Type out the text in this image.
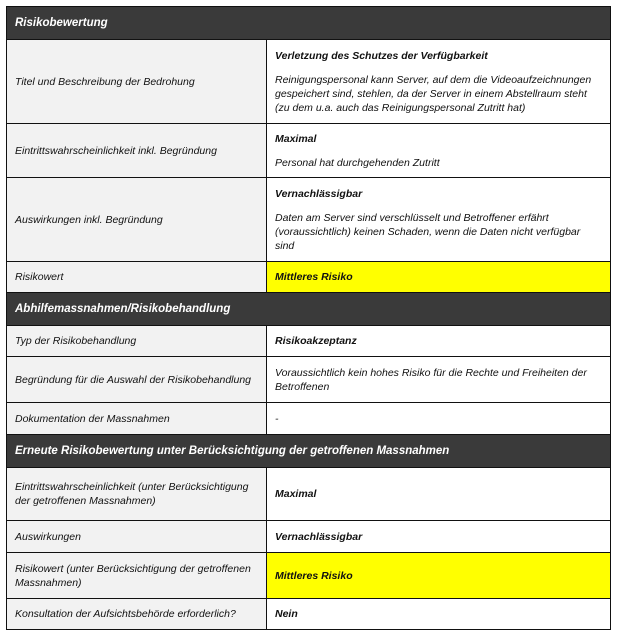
Risikobewertung	
Titel und Beschreibung der Bedrohung	Verletzung des Schutzes der Verfügbarkeit
Reinigungspersonal kann Server, auf dem die Videoaufzeichnungen gespeichert sind, stehlen, da der Server in einem Abstellraum steht (zu dem u.a. auch das Reinigungspersonal Zutritt hat)

Eintrittswahrscheinlichkeit inkl. Begründung	Maximal
Personal hat durchgehenden Zutritt

Auswirkungen inkl. Begründung	Vernachlässigbar
Daten am Server sind verschlüsselt und Betroffener erfährt (voraussichtlich) keinen Schaden, wenn die Daten nicht verfügbar sind

Risikowert	Mittleres Risiko

Abhilfemassnahmen/Risikobehandlung	
Typ der Risikobehandlung	Risikoakzeptanz

Begründung für die Auswahl der Risikobehandlung	Voraussichtlich kein hohes Risiko für die Rechte und Freiheiten der Betroffenen
Dokumentation der Massnahmen	-
Erneute Risikobewertung unter Berücksichtigung der getroffenen Massnahmen	
Eintrittswahrscheinlichkeit (unter Berücksichtigung der getroffenen Massnahmen)	Maximal

Auswirkungen	Vernachlässigbar

Risikowert (unter Berücksichtigung der getroffenen Massnahmen)	Mittleres Risiko

Konsultation der Aufsichtsbehörde erforderlich?	Nein
